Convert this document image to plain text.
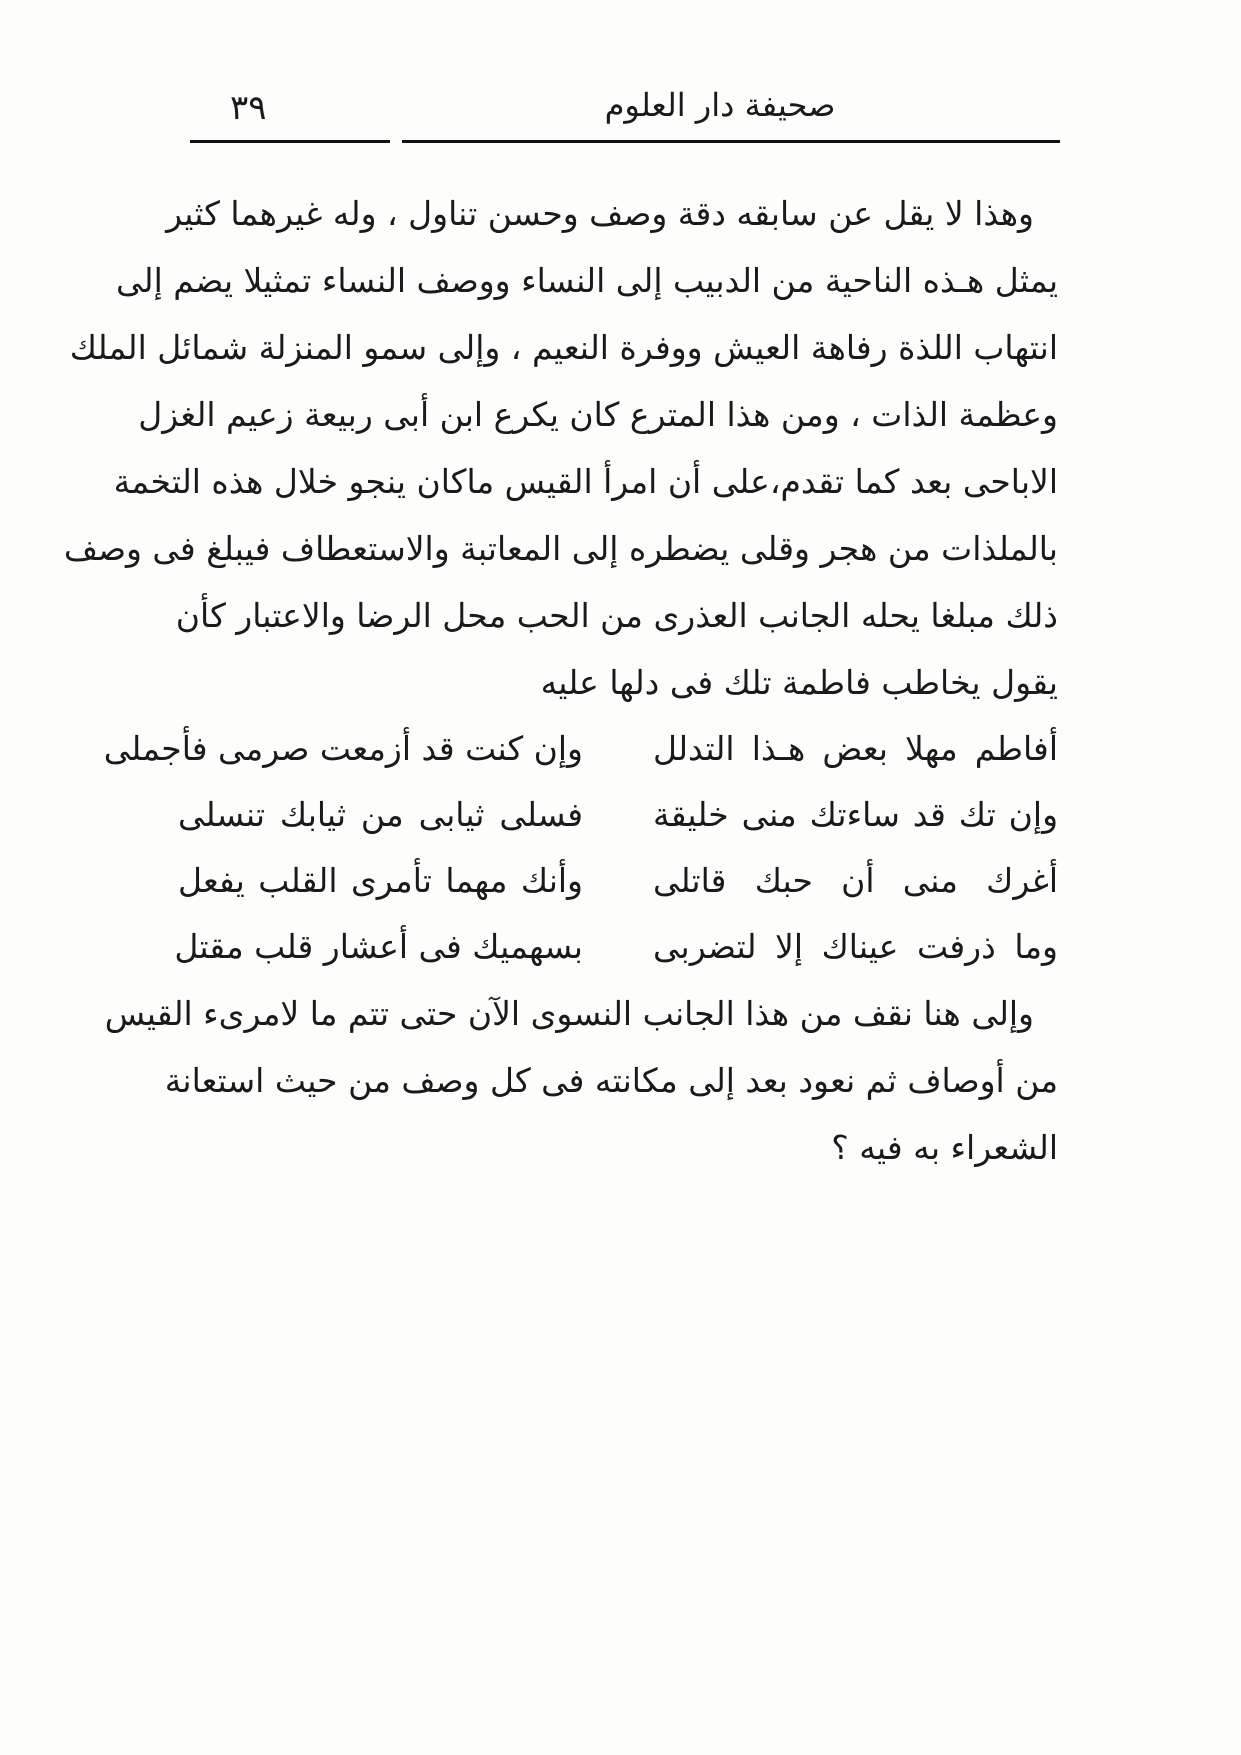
٣٩	صحيفة دار العلوم
وهذا لا يقل عن سابقه دقة وصف وحسن تناول ، وله غيرهما كثير
يمثل هـذه الناحية من الدبيب إلى النساء ووصف النساء تمثيلا يضم إلى
انتهاب اللذة رفاهة العيش ووفرة النعيم ، وإلى سمو المنزلة شمائل الملك
وعظمة الذات ، ومن هذا المترع كان يكرع ابن أبى ربيعة زعيم الغزل
الاباحى بعد كما تقدم،على أن امرأ القيس ماكان ينجو خلال هذه التخمة
بالملذات من هجر وقلى يضطره إلى المعاتبة والاستعطاف فيبلغ فى وصف
ذلك مبلغا يحله الجانب العذرى من الحب محل الرضا والاعتبار كأن
يقول يخاطب فاطمة تلك فى دلها عليه
أفاطم مهلا بعض هـذا التدلل
وإن كنت قد أزمعت صرمى فأجملى
وإن تك قد ساءتك منى خليقة
فسلى ثيابى من ثيابك تنسلى
أغرك منى أن حبك قاتلى
وأنك مهما تأمرى القلب يفعل
وما ذرفت عيناك إلا لتضربى
بسهميك فى أعشار قلب مقتل
وإلى هنا نقف من هذا الجانب النسوى الآن حتى تتم ما لامرىء القيس
من أوصاف ثم نعود بعد إلى مكانته فى كل وصف من حيث استعانة
الشعراء به فيه ؟
